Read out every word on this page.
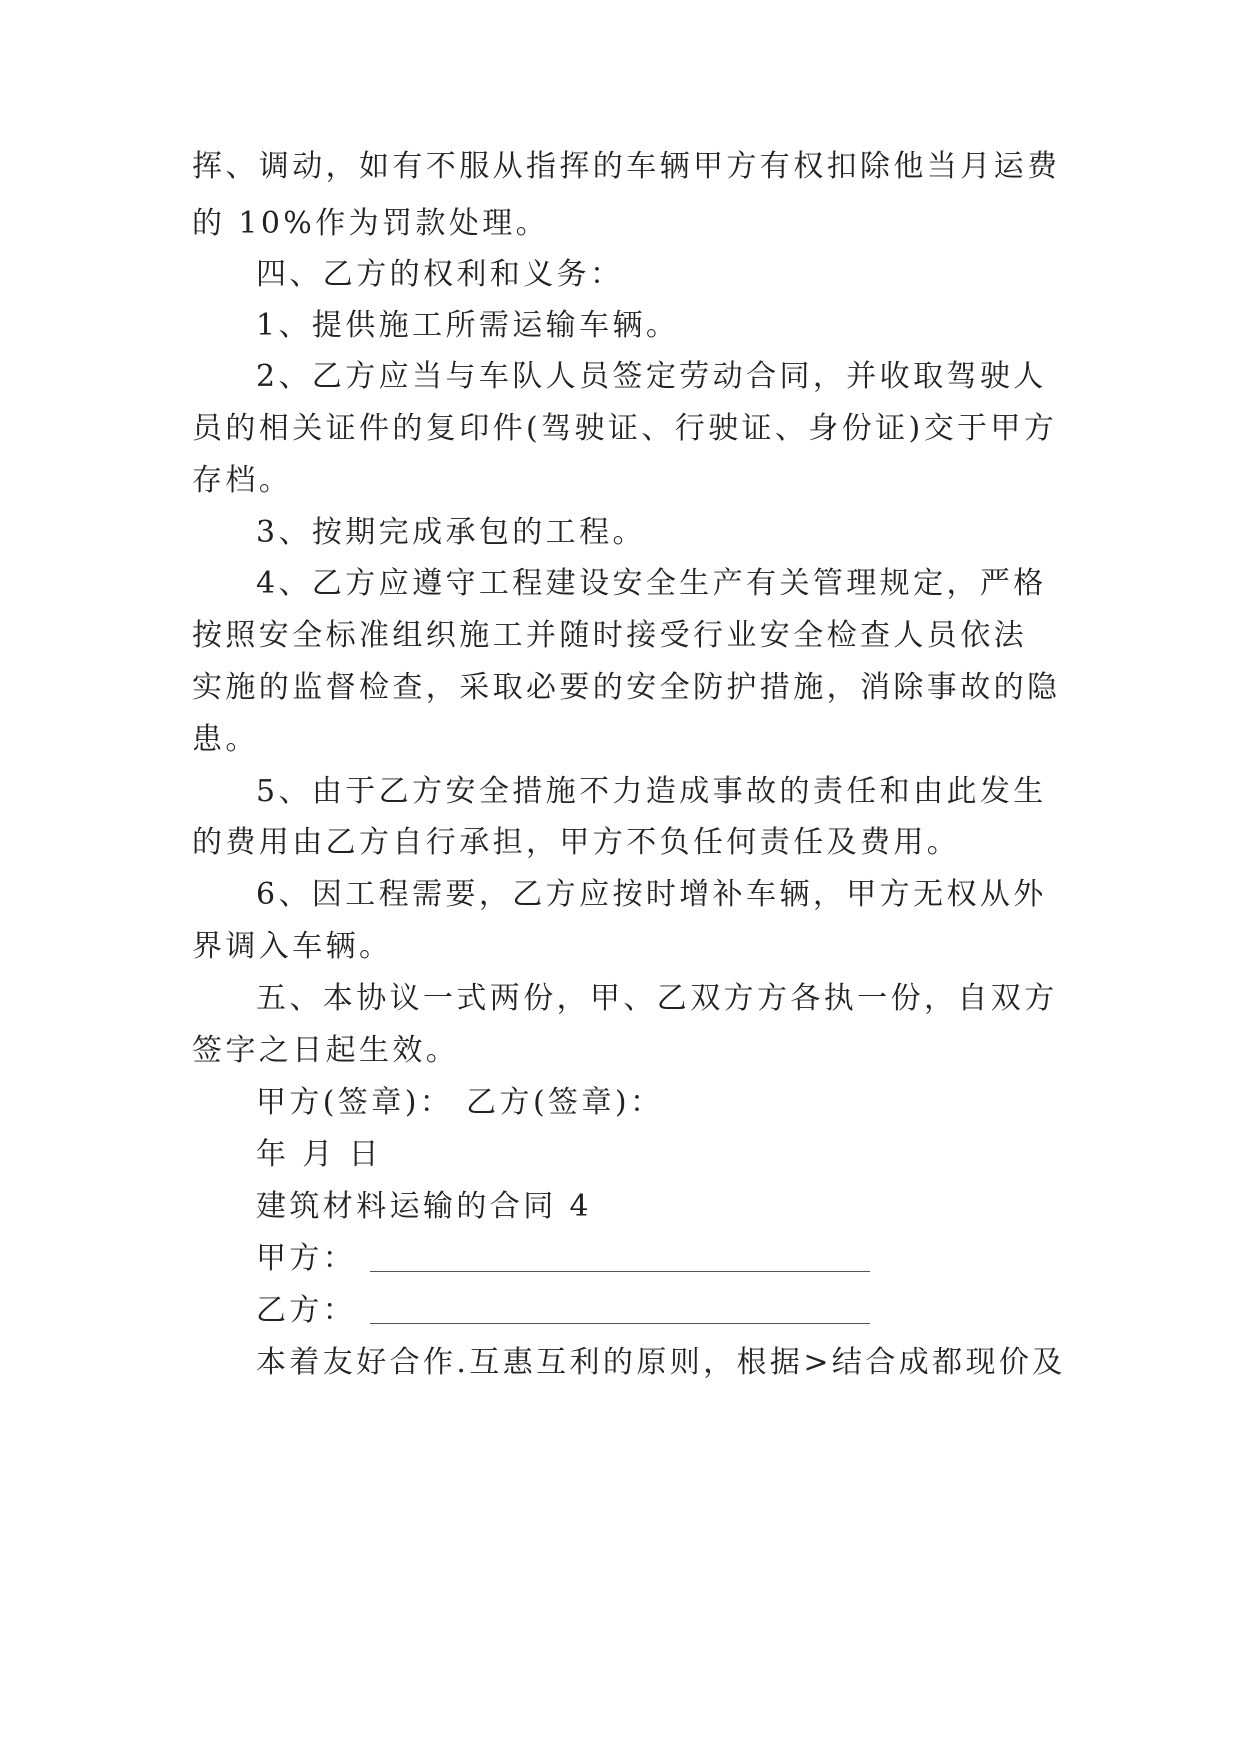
挥、调动，如有不服从指挥的车辆甲方有权扣除他当月运费
的 10%作为罚款处理。
四、乙方的权利和义务：
1、提供施工所需运输车辆。
2、乙方应当与车队人员签定劳动合同，并收取驾驶人
员的相关证件的复印件(驾驶证、行驶证、身份证)交于甲方
存档。
3、按期完成承包的工程。
4、乙方应遵守工程建设安全生产有关管理规定，严格
按照安全标准组织施工并随时接受行业安全检查人员依法
实施的监督检查，采取必要的安全防护措施，消除事故的隐
患。
5、由于乙方安全措施不力造成事故的责任和由此发生
的费用由乙方自行承担，甲方不负任何责任及费用。
6、因工程需要，乙方应按时增补车辆，甲方无权从外
界调入车辆。
五、本协议一式两份，甲、乙双方方各执一份，自双方
签字之日起生效。
甲方(签章)： 乙方(签章)：
年 月 日
建筑材料运输的合同 4
甲方：
乙方：
本着友好合作.互惠互利的原则，根据>结合成都现价及
